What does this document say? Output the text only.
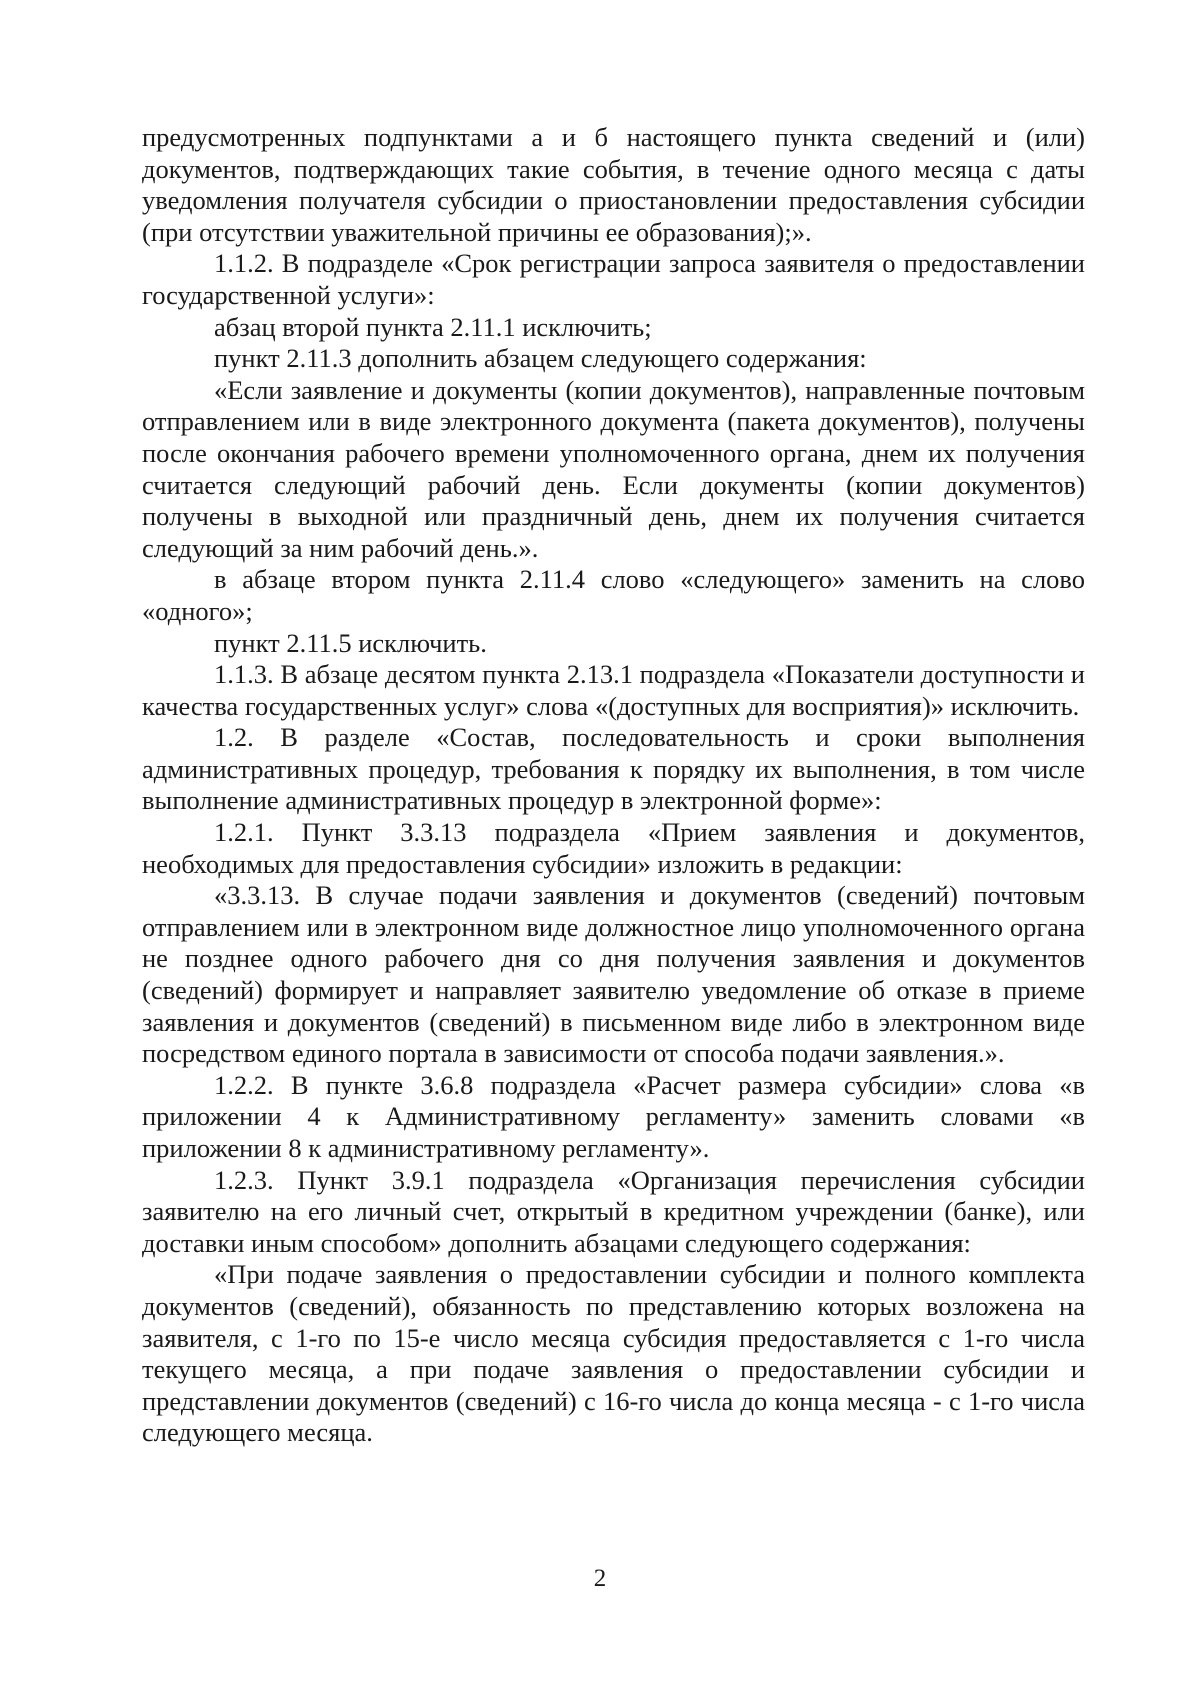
предусмотренных подпунктами а и б настоящего пункта сведений и (или) документов, подтверждающих такие события, в течение одного месяца с даты уведомления получателя субсидии о приостановлении предоставления субсидии (при отсутствии уважительной причины ее образования);».

1.1.2. В подразделе «Срок регистрации запроса заявителя о предоставлении государственной услуги»:

абзац второй пункта 2.11.1 исключить;

пункт 2.11.3 дополнить абзацем следующего содержания:

«Если заявление и документы (копии документов), направленные почтовым отправлением или в виде электронного документа (пакета документов), получены после окончания рабочего времени уполномоченного органа, днем их получения считается следующий рабочий день. Если документы (копии документов) получены в выходной или праздничный день, днем их получения считается следующий за ним рабочий день.».

в абзаце втором пункта 2.11.4 слово «следующего» заменить на слово «одного»;

пункт 2.11.5 исключить.

1.1.3. В абзаце десятом пункта 2.13.1 подраздела «Показатели доступности и качества государственных услуг» слова «(доступных для восприятия)» исключить.

1.2. В разделе «Состав, последовательность и сроки выполнения административных процедур, требования к порядку их выполнения, в том числе выполнение административных процедур в электронной форме»:

1.2.1. Пункт 3.3.13 подраздела «Прием заявления и документов, необходимых для предоставления субсидии» изложить в редакции:

«3.3.13. В случае подачи заявления и документов (сведений) почтовым отправлением или в электронном виде должностное лицо уполномоченного органа не позднее одного рабочего дня со дня получения заявления и документов (сведений) формирует и направляет заявителю уведомление об отказе в приеме заявления и документов (сведений) в письменном виде либо в электронном виде посредством единого портала в зависимости от способа подачи заявления.».

1.2.2. В пункте 3.6.8 подраздела «Расчет размера субсидии» слова «в приложении 4 к Административному регламенту» заменить словами «в приложении 8 к административному регламенту».

1.2.3. Пункт 3.9.1 подраздела «Организация перечисления субсидии заявителю на его личный счет, открытый в кредитном учреждении (банке), или доставки иным способом» дополнить абзацами следующего содержания:

«При подаче заявления о предоставлении субсидии и полного комплекта документов (сведений), обязанность по представлению которых возложена на заявителя, с 1-го по 15-е число месяца субсидия предоставляется с 1-го числа текущего месяца, а при подаче заявления о предоставлении субсидии и представлении документов (сведений) с 16-го числа до конца месяца - с 1-го числа следующего месяца.

2
